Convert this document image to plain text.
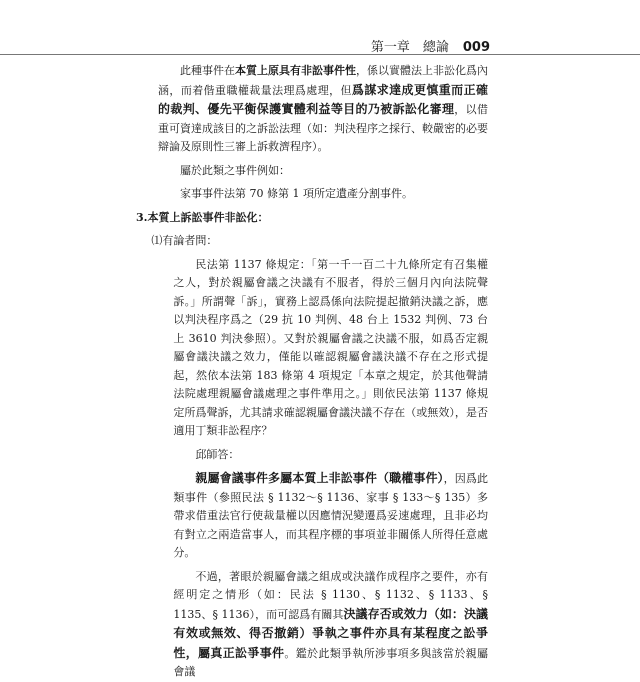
第一章　總論 009

此種事件在本質上原具有非訟事件性，係以實體法上非訟化爲內涵，而着偕重職權裁量法理爲處理，但爲謀求達成更慎重而正確的裁判、優先平衡保護實體利益等目的乃被訴訟化審理，以借重可資達成該目的之訴訟法理（如：判決程序之採行、較嚴密的必要辯論及原則性三審上訴救濟程序）。

屬於此類之事件例如：

家事事件法第 70 條第 1 項所定遺產分割事件。

3.本質上訴訟事件非訟化：

⑴有論者問：

民法第 1137 條規定：「第一千一百二十九條所定有召集權之人，對於親屬會議之決議有不服者，得於三個月內向法院聲訴。」所謂聲「訴」，實務上認爲係向法院提起撤銷決議之訴，應以判決程序爲之（29 抗 10 判例、48 台上 1532 判例、73 台上 3610 判決參照）。又對於親屬會議之決議不服，如爲否定親屬會議決議之效力，僅能以確認親屬會議決議不存在之形式提起，然依本法第 183 條第 4 項規定「本章之規定，於其他聲請法院處理親屬會議處理之事件準用之。」則依民法第 1137 條規定所爲聲訴，尤其請求確認親屬會議決議不存在（或無效），是否適用丁類非訟程序？

邱師答：

親屬會議事件多屬本質上非訟事件（職權事件），因爲此類事件（參照民法 § 1132～§ 1136、家事 § 133～§ 135）多帶求借重法官行使裁量權以因應情況變遷爲妥速處理，且非必均有對立之兩造當事人，而其程序標的事項並非關係人所得任意處分。

不過，著眼於親屬會議之組成或決議作成程序之要件，亦有經明定之情形（如：民法 § 1130、§ 1132、§ 1133、§ 1135、§ 1136），而可認爲有關其決議存否或效力（如：決議有效或無效、得否撤銷）爭執之事件亦具有某程度之訟爭性，屬真正訟爭事件。鑑於此類爭執所涉事項多與該當於親屬會議
